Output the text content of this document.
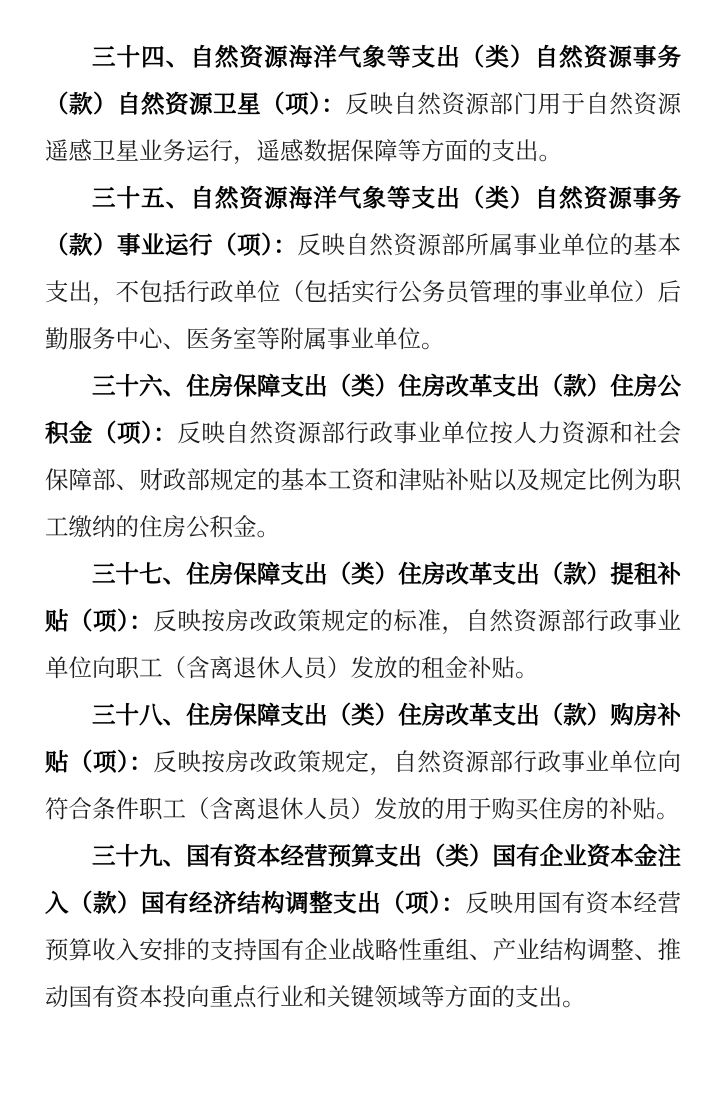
三十四、自然资源海洋气象等支出（类）自然资源事务（款）自然资源卫星（项）：反映自然资源部门用于自然资源遥感卫星业务运行，遥感数据保障等方面的支出。

三十五、自然资源海洋气象等支出（类）自然资源事务（款）事业运行（项）：反映自然资源部所属事业单位的基本支出，不包括行政单位（包括实行公务员管理的事业单位）后勤服务中心、医务室等附属事业单位。

三十六、住房保障支出（类）住房改革支出（款）住房公积金（项）：反映自然资源部行政事业单位按人力资源和社会保障部、财政部规定的基本工资和津贴补贴以及规定比例为职工缴纳的住房公积金。

三十七、住房保障支出（类）住房改革支出（款）提租补贴（项）：反映按房改政策规定的标准，自然资源部行政事业单位向职工（含离退休人员）发放的租金补贴。

三十八、住房保障支出（类）住房改革支出（款）购房补贴（项）：反映按房改政策规定，自然资源部行政事业单位向符合条件职工（含离退休人员）发放的用于购买住房的补贴。

三十九、国有资本经营预算支出（类）国有企业资本金注入（款）国有经济结构调整支出（项）：反映用国有资本经营预算收入安排的支持国有企业战略性重组、产业结构调整、推动国有资本投向重点行业和关键领域等方面的支出。
